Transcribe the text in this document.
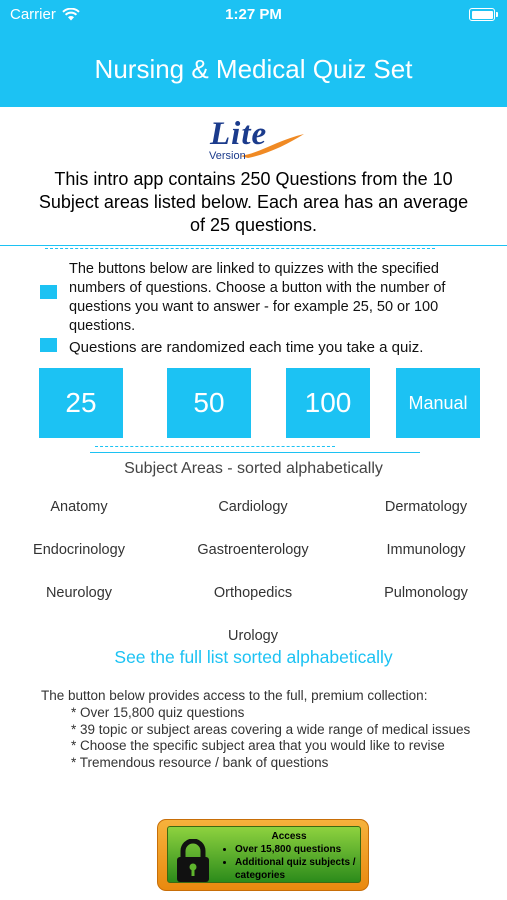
Carrier	1:27 PM
Nursing & Medical Quiz Set
Lite
Version
This intro app contains 250 Questions from the 10 Subject areas listed below. Each area has an average of 25 questions.
The buttons below are linked to quizzes with the specified numbers of questions. Choose a button with the number of questions you want to answer - for example 25, 50 or 100 questions.
Questions are randomized each time you take a quiz.
25	50	100	Manual
Subject Areas - sorted alphabetically
Anatomy	Cardiology	Dermatology
Endocrinology	Gastroenterology	Immunology
Neurology	Orthopedics	Pulmonology
Urology
See the full list sorted alphabetically

The button below provides access to the full, premium collection:

* Over 15,800 quiz questions

* 39 topic or subject areas covering a wide range of medical issues

* Choose the specific subject area that you would like to revise

* Tremendous resource / bank of questions

Access
• Over 15,800 questions
• Additional quiz subjects / categories
